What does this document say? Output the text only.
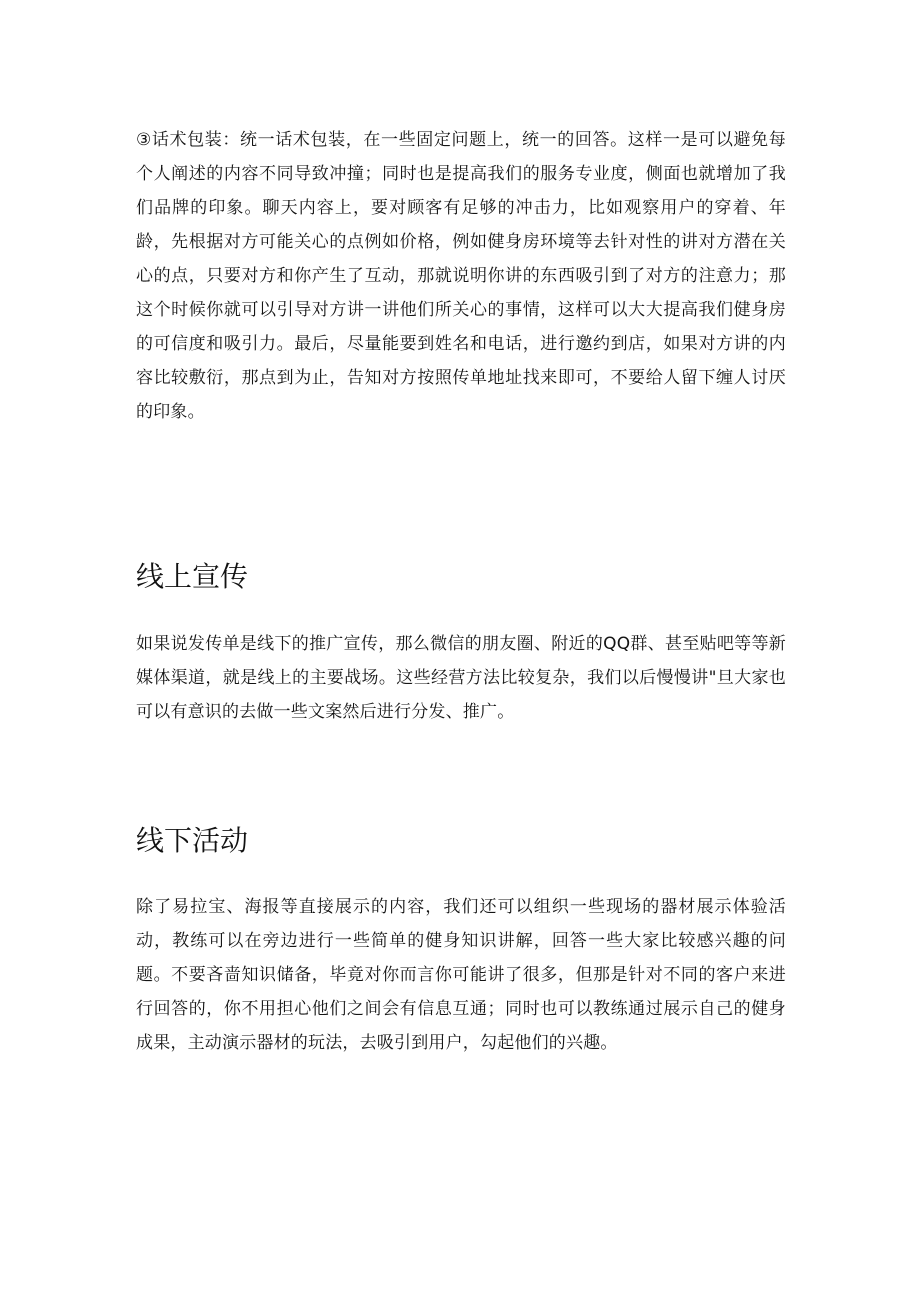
③话术包装：统一话术包装，在一些固定问题上，统一的回答。这样一是可以避免每个人阐述的内容不同导致冲撞；同时也是提高我们的服务专业度，侧面也就增加了我们品牌的印象。聊天内容上，要对顾客有足够的冲击力，比如观察用户的穿着、年龄，先根据对方可能关心的点例如价格，例如健身房环境等去针对性的讲对方潜在关心的点，只要对方和你产生了互动，那就说明你讲的东西吸引到了对方的注意力；那这个时候你就可以引导对方讲一讲他们所关心的事情，这样可以大大提高我们健身房的可信度和吸引力。最后，尽量能要到姓名和电话，进行邀约到店，如果对方讲的内容比较敷衍，那点到为止，告知对方按照传单地址找来即可，不要给人留下缠人讨厌的印象。

线上宣传

如果说发传单是线下的推广宣传，那么微信的朋友圈、附近的QQ群、甚至贴吧等等新媒体渠道，就是线上的主要战场。这些经营方法比较复杂，我们以后慢慢讲"旦大家也可以有意识的去做一些文案然后进行分发、推广。

线下活动

除了易拉宝、海报等直接展示的内容，我们还可以组织一些现场的器材展示体验活动，教练可以在旁边进行一些简单的健身知识讲解，回答一些大家比较感兴趣的问题。不要吝啬知识储备，毕竟对你而言你可能讲了很多，但那是针对不同的客户来进行回答的，你不用担心他们之间会有信息互通；同时也可以教练通过展示自己的健身成果，主动演示器材的玩法，去吸引到用户，勾起他们的兴趣。
